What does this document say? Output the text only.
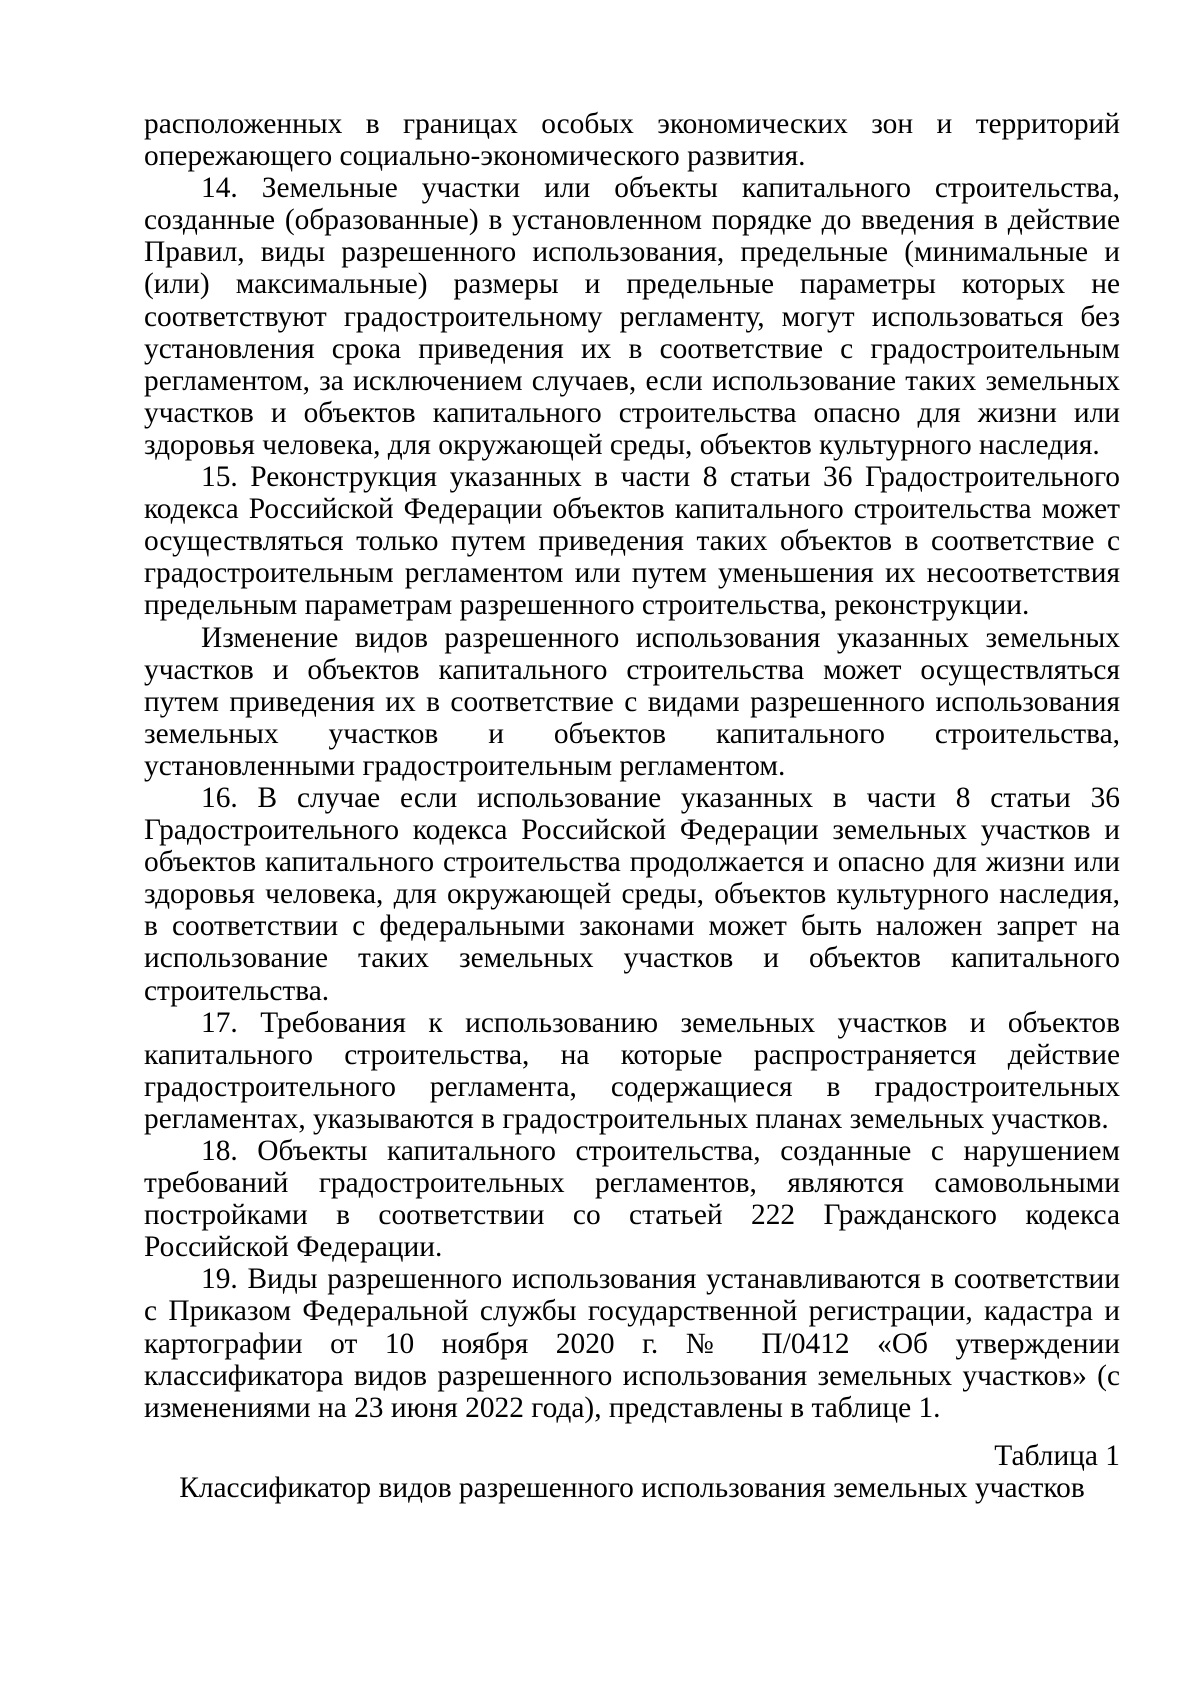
расположенных в границах особых экономических зон и территорий опережающего социально-экономического развития.

14. Земельные участки или объекты капитального строительства, созданные (образованные) в установленном порядке до введения в действие Правил, виды разрешенного использования, предельные (минимальные и (или) максимальные) размеры и предельные параметры которых не соответствуют градостроительному регламенту, могут использоваться без установления срока приведения их в соответствие с градостроительным регламентом, за исключением случаев, если использование таких земельных участков и объектов капитального строительства опасно для жизни или здоровья человека, для окружающей среды, объектов культурного наследия.

15. Реконструкция указанных в части 8 статьи 36 Градостроительного кодекса Российской Федерации объектов капитального строительства может осуществляться только путем приведения таких объектов в соответствие с градостроительным регламентом или путем уменьшения их несоответствия предельным параметрам разрешенного строительства, реконструкции.

Изменение видов разрешенного использования указанных земельных участков и объектов капитального строительства может осуществляться путем приведения их в соответствие с видами разрешенного использования земельных участков и объектов капитального строительства, установленными градостроительным регламентом.

16. В случае если использование указанных в части 8 статьи 36 Градостроительного кодекса Российской Федерации земельных участков и объектов капитального строительства продолжается и опасно для жизни или здоровья человека, для окружающей среды, объектов культурного наследия, в соответствии с федеральными законами может быть наложен запрет на использование таких земельных участков и объектов капитального строительства.

17. Требования к использованию земельных участков и объектов капитального строительства, на которые распространяется действие градостроительного регламента, содержащиеся в градостроительных регламентах, указываются в градостроительных планах земельных участков.

18. Объекты капитального строительства, созданные с нарушением требований градостроительных регламентов, являются самовольными постройками в соответствии со статьей 222 Гражданского кодекса Российской Федерации.

19. Виды разрешенного использования устанавливаются в соответствии с Приказом Федеральной службы государственной регистрации, кадастра и картографии от 10 ноября 2020 г. № П/0412 «Об утверждении классификатора видов разрешенного использования земельных участков» (с изменениями на 23 июня 2022 года), представлены в таблице 1.

Таблица 1

Классификатор видов разрешенного использования земельных участков
